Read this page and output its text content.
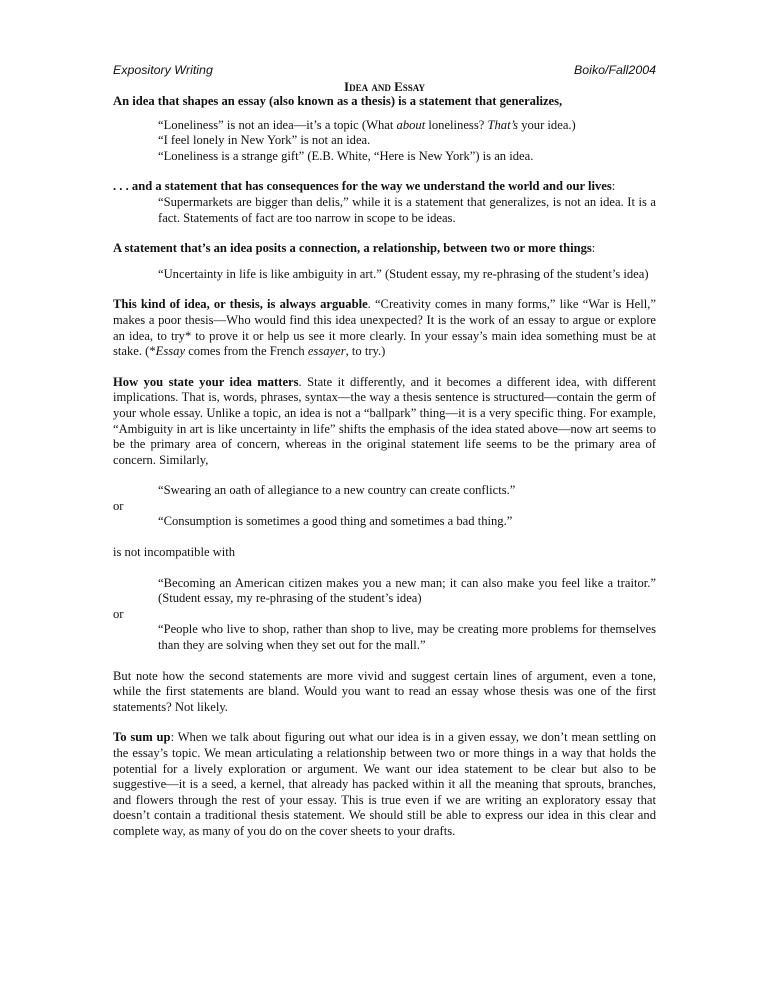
Expository Writing	Boiko/Fall2004
Idea and Essay

An idea that shapes an essay (also known as a thesis) is a statement that generalizes,

“Loneliness” is not an idea—it’s a topic (What about loneliness? That’s your idea.)

“I feel lonely in New York” is not an idea.

“Loneliness is a strange gift” (E.B. White, “Here is New York”) is an idea.

. . . and a statement that has consequences for the way we understand the world and our lives:

“Supermarkets are bigger than delis,” while it is a statement that generalizes, is not an idea. It is a fact. Statements of fact are too narrow in scope to be ideas.

A statement that’s an idea posits a connection, a relationship, between two or more things:

“Uncertainty in life is like ambiguity in art.” (Student essay, my re-phrasing of the student’s idea)

This kind of idea, or thesis, is always arguable. “Creativity comes in many forms,” like “War is Hell,” makes a poor thesis—Who would find this idea unexpected? It is the work of an essay to argue or explore an idea, to try* to prove it or help us see it more clearly. In your essay’s main idea something must be at stake. (*Essay comes from the French essayer, to try.)

How you state your idea matters. State it differently, and it becomes a different idea, with different implications. That is, words, phrases, syntax—the way a thesis sentence is structured—contain the germ of your whole essay. Unlike a topic, an idea is not a “ballpark” thing—it is a very specific thing. For example, “Ambiguity in art is like uncertainty in life” shifts the emphasis of the idea stated above—now art seems to be the primary area of concern, whereas in the original statement life seems to be the primary area of concern. Similarly,

“Swearing an oath of allegiance to a new country can create conflicts.”

or

“Consumption is sometimes a good thing and sometimes a bad thing.”

is not incompatible with

“Becoming an American citizen makes you a new man; it can also make you feel like a traitor.” (Student essay, my re-phrasing of the student’s idea)

or

“People who live to shop, rather than shop to live, may be creating more problems for themselves than they are solving when they set out for the mall.”

But note how the second statements are more vivid and suggest certain lines of argument, even a tone, while the first statements are bland. Would you want to read an essay whose thesis was one of the first statements? Not likely.

To sum up: When we talk about figuring out what our idea is in a given essay, we don’t mean settling on the essay’s topic. We mean articulating a relationship between two or more things in a way that holds the potential for a lively exploration or argument. We want our idea statement to be clear but also to be suggestive—it is a seed, a kernel, that already has packed within it all the meaning that sprouts, branches, and flowers through the rest of your essay. This is true even if we are writing an exploratory essay that doesn’t contain a traditional thesis statement. We should still be able to express our idea in this clear and complete way, as many of you do on the cover sheets to your drafts.
